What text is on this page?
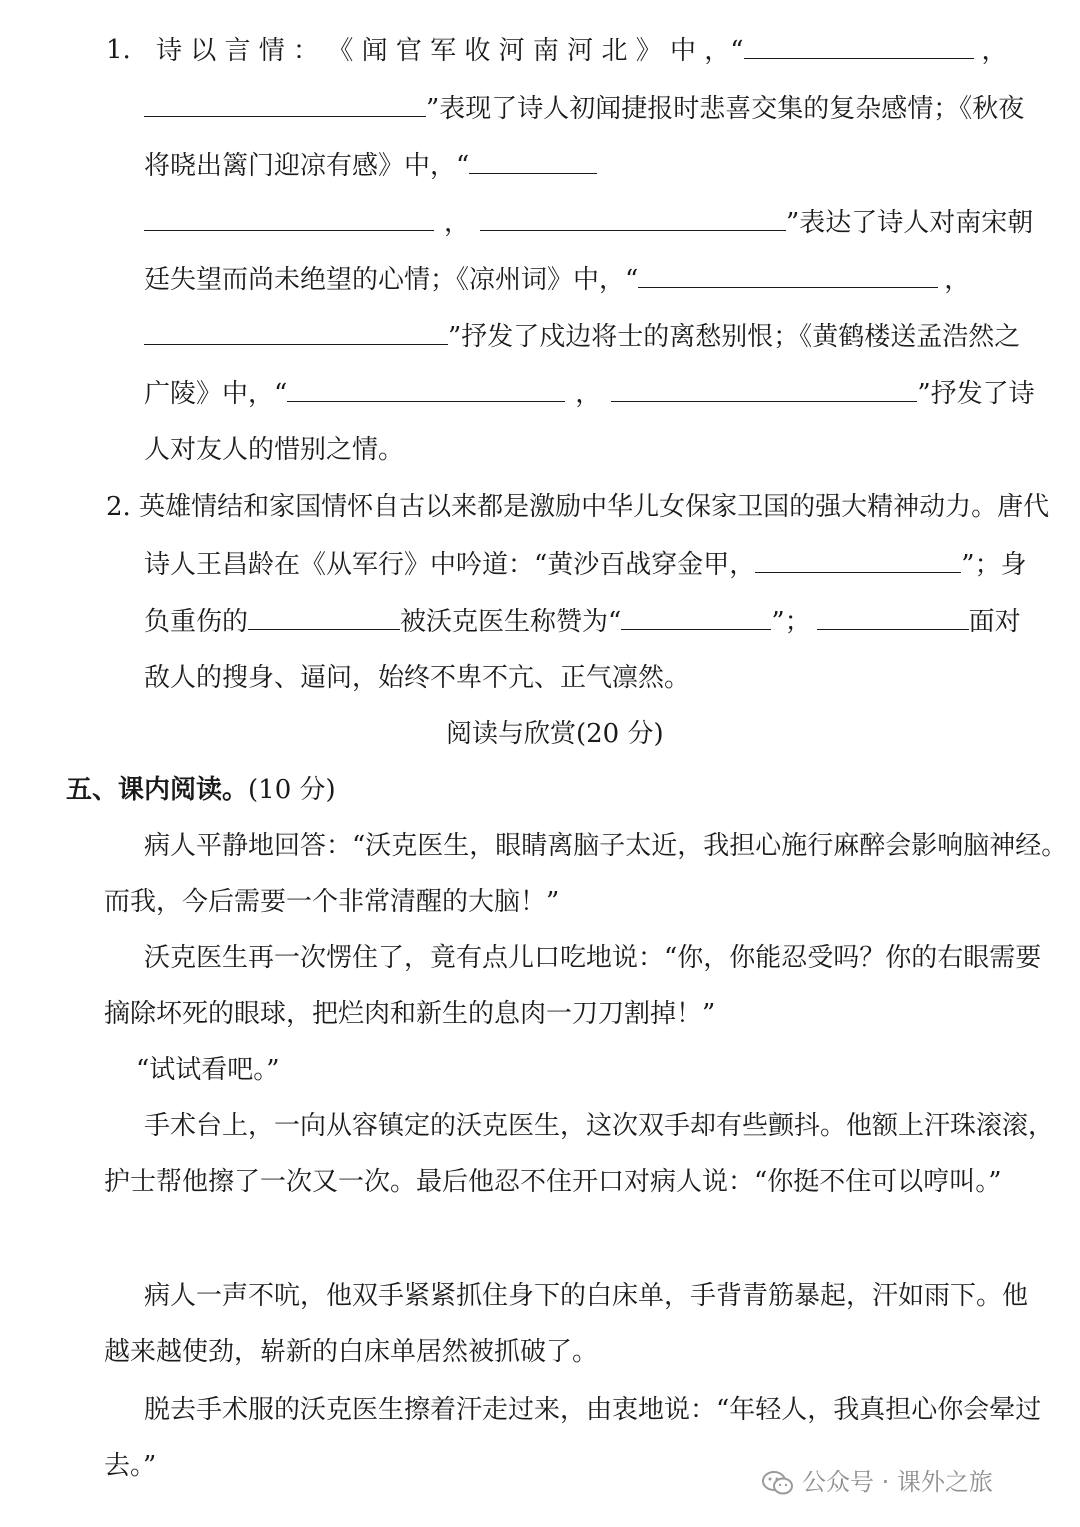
1. 诗 以 言 情 ： 《 闻 官 军 收 河 南 河 北 》 中 ，“	，
”表现了诗人初闻捷报时悲喜交集的复杂感情；《秋夜
将晓出篱门迎凉有感》中，“
，	”表达了诗人对南宋朝
廷失望而尚未绝望的心情；《凉州词》中，“	，
”抒发了戍边将士的离愁别恨；《黄鹤楼送孟浩然之
广陵》中，“	，	”抒发了诗
人对友人的惜别之情。
2. 英雄情结和家国情怀自古以来都是激励中华儿女保家卫国的强大精神动力。唐代
诗人王昌龄在《从军行》中吟道：“黄沙百战穿金甲，	”；身
负重伤的	被沃克医生称赞为“	”；	面对
敌人的搜身、逼问，始终不卑不亢、正气凛然。
阅读与欣赏(20 分)
五、课内阅读。(10 分)
病人平静地回答：“沃克医生，眼睛离脑子太近，我担心施行麻醉会影响脑神经。
而我，今后需要一个非常清醒的大脑！”
沃克医生再一次愣住了，竟有点儿口吃地说：“你，你能忍受吗？你的右眼需要
摘除坏死的眼球，把烂肉和新生的息肉一刀刀割掉！”
“试试看吧。”
手术台上，一向从容镇定的沃克医生，这次双手却有些颤抖。他额上汗珠滚滚，
护士帮他擦了一次又一次。最后他忍不住开口对病人说：“你挺不住可以哼叫。”
病人一声不吭，他双手紧紧抓住身下的白床单，手背青筋暴起，汗如雨下。他
越来越使劲，崭新的白床单居然被抓破了。
脱去手术服的沃克医生擦着汗走过来，由衷地说：“年轻人，我真担心你会晕过
去。”
公众号 · 课外之旅
